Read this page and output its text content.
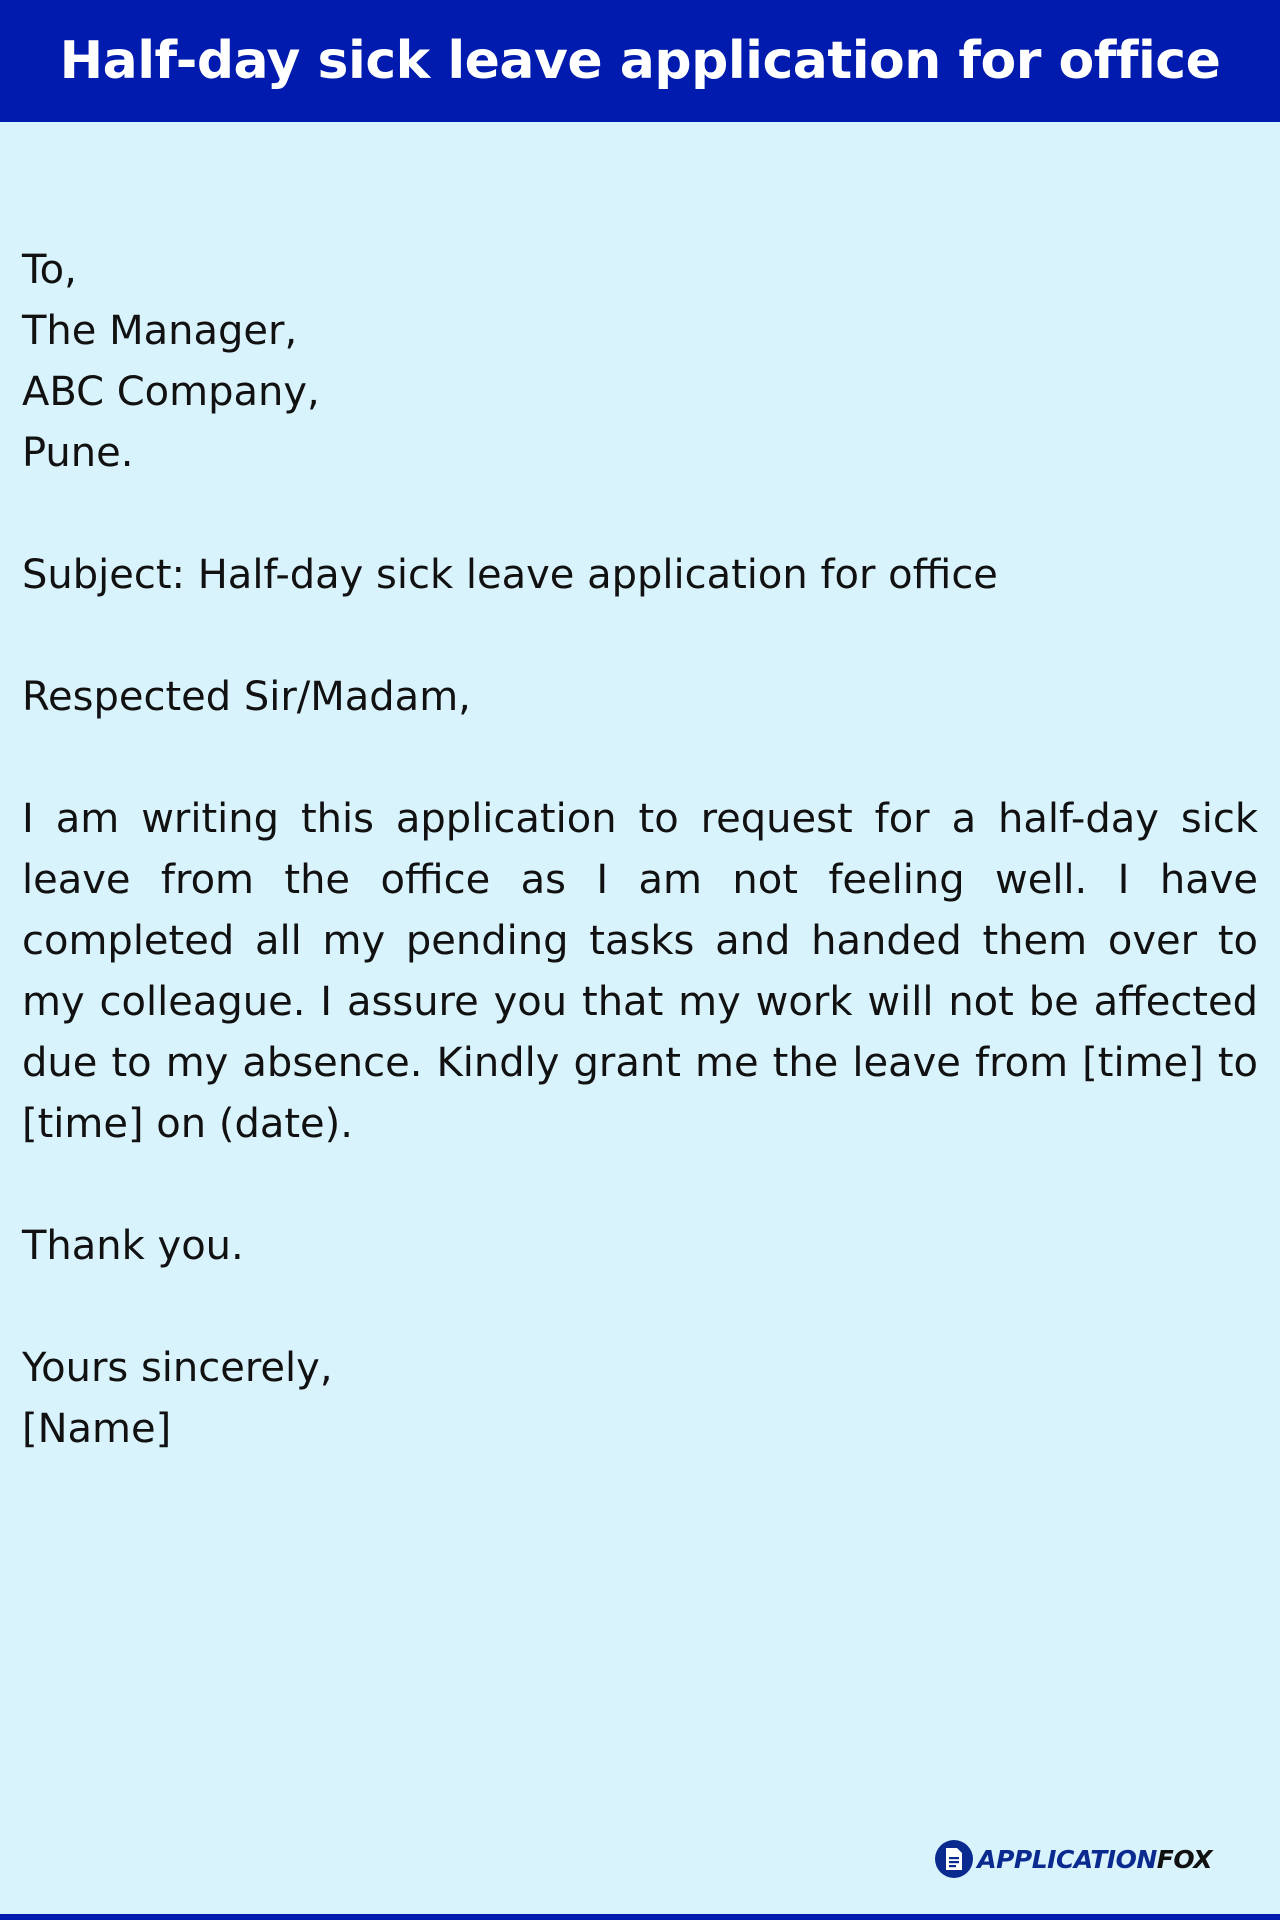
Half-day sick leave application for office
To,
The Manager,
ABC Company,
Pune.
Subject: Half-day sick leave application for office
Respected Sir/Madam,

I am writing this application to request for a half-day sick leave from the office as I am not feeling well. I have completed all my pending tasks and handed them over to my colleague. I assure you that my work will not be affected due to my absence. Kindly grant me the leave from [time] to [time] on (date).

Thank you.
Yours sincerely,
[Name]
APPLICATIONFOX
